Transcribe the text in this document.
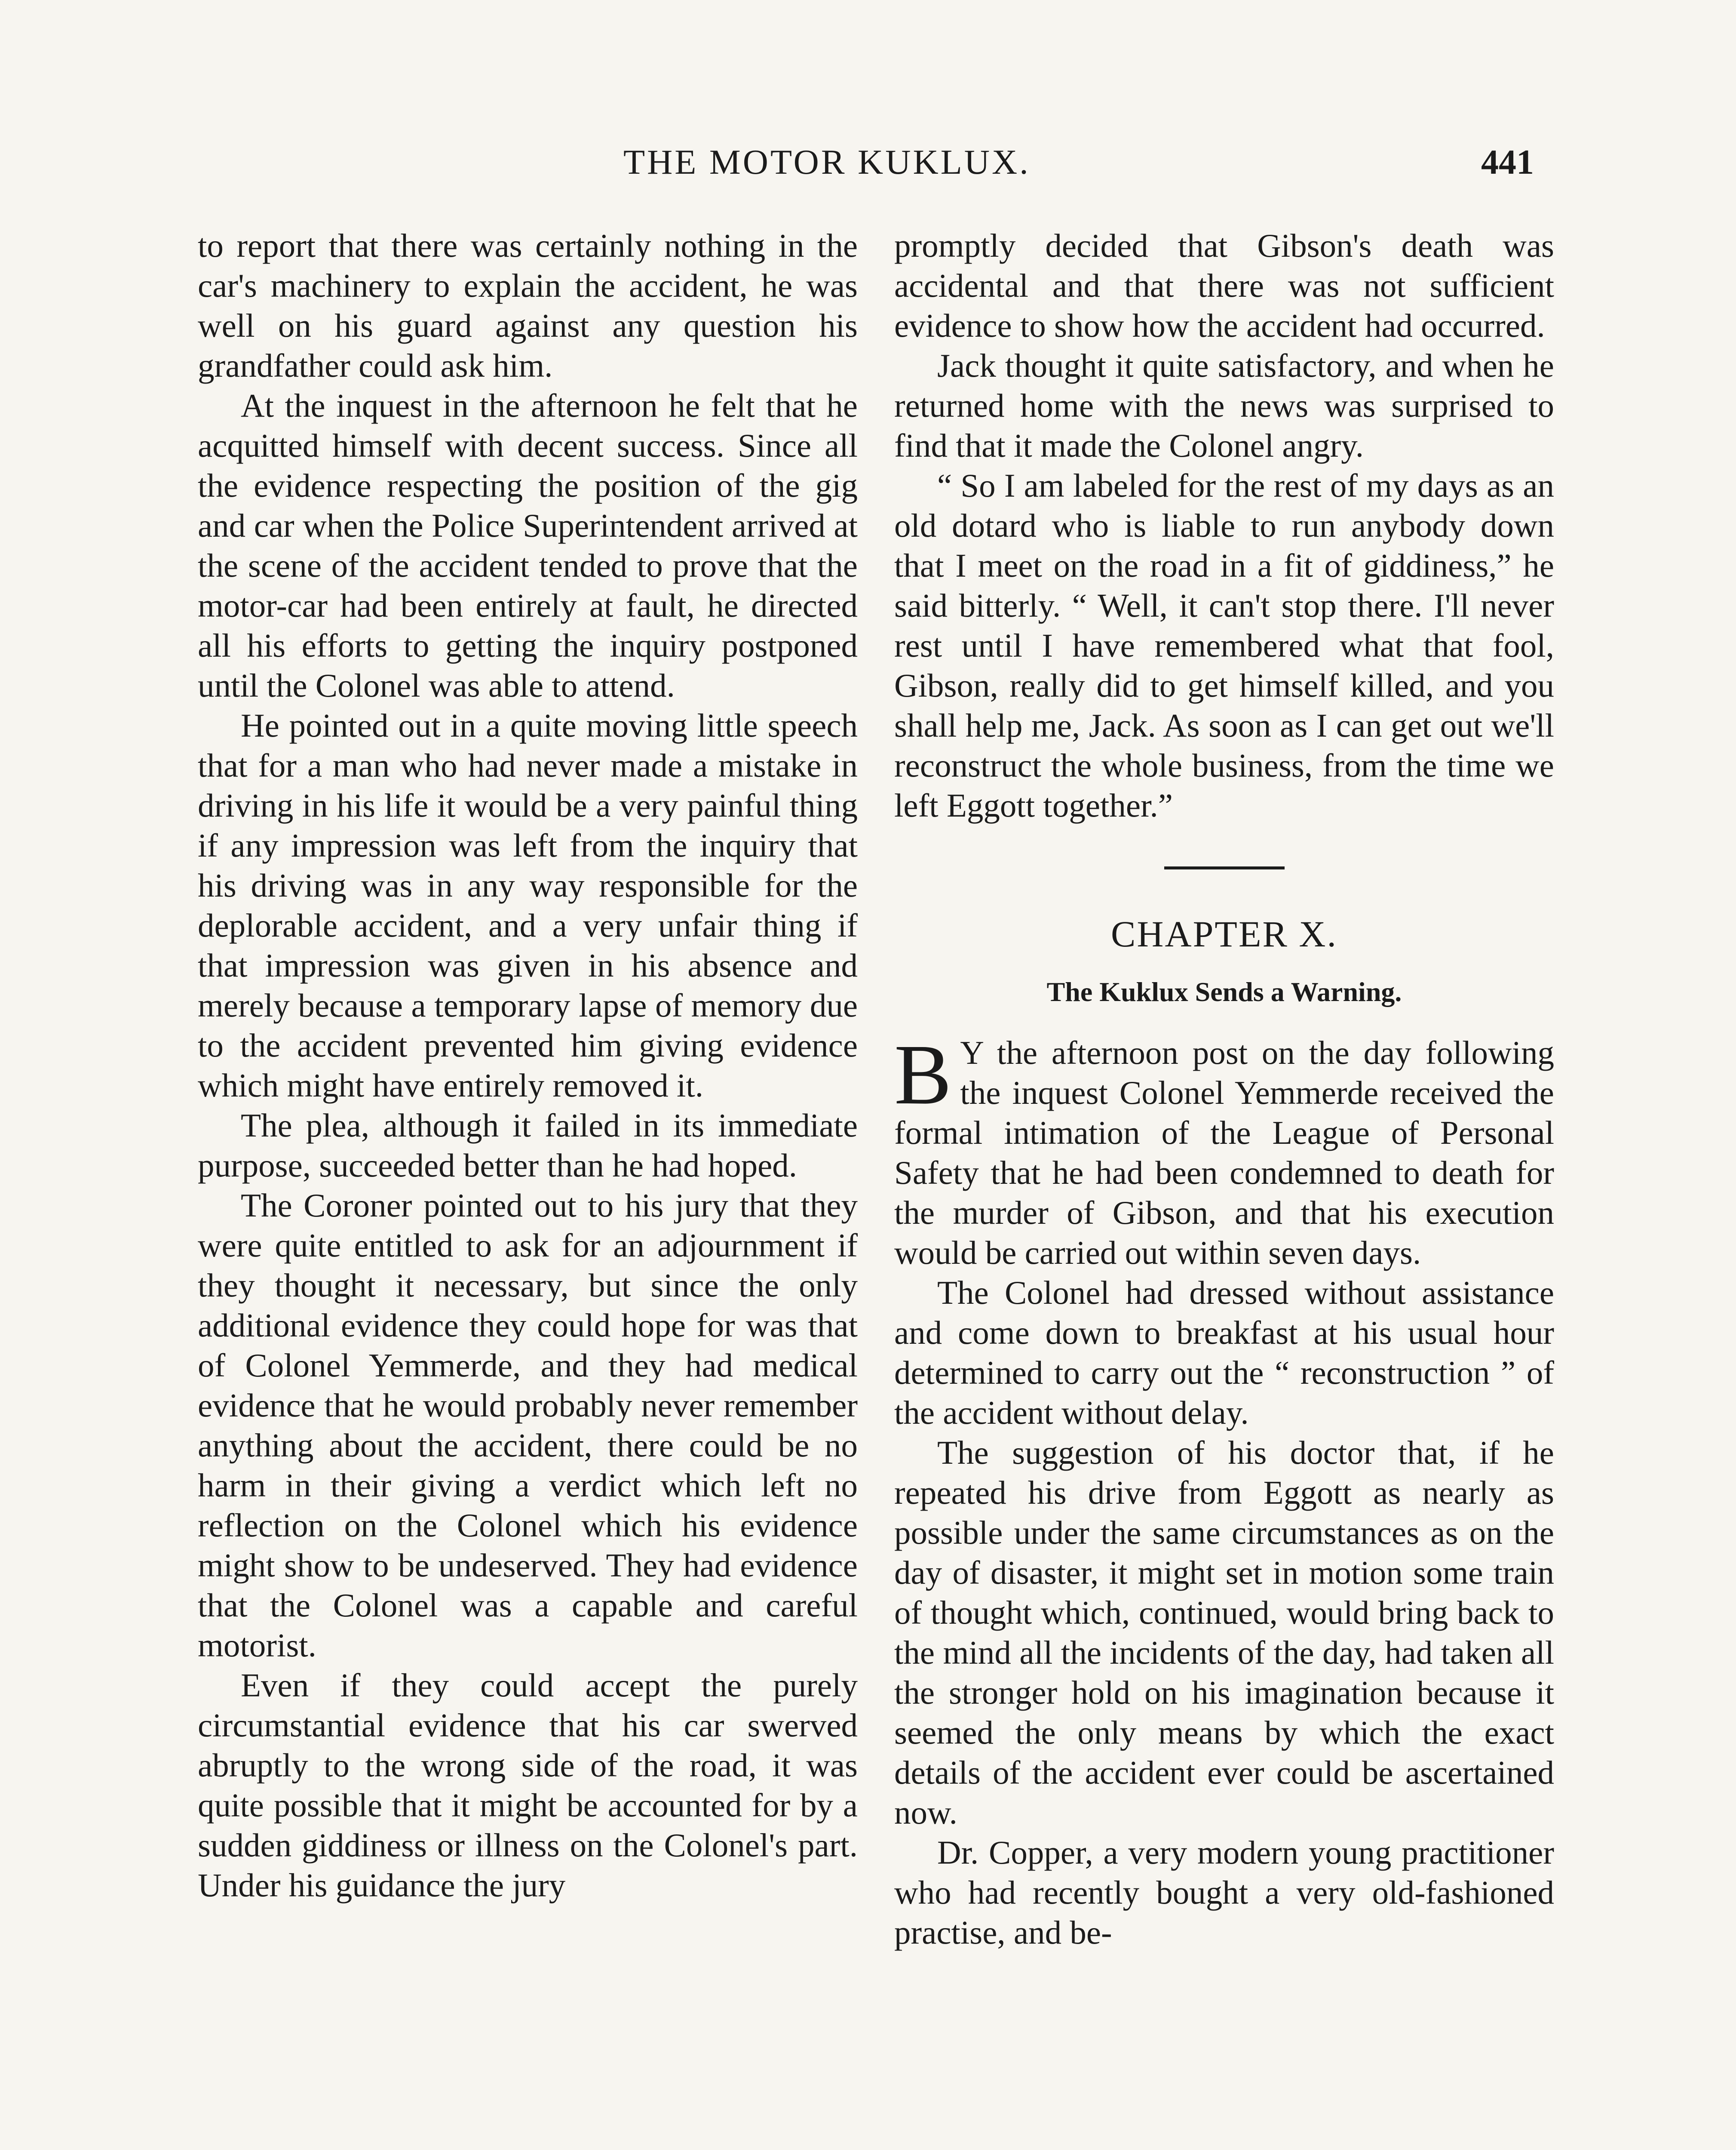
THE MOTOR KUKLUX.	441

to report that there was certainly nothing in the car's machinery to explain the accident, he was well on his guard against any question his grandfather could ask him.

At the inquest in the afternoon he felt that he acquitted himself with decent success. Since all the evidence respecting the position of the gig and car when the Police Superintendent arrived at the scene of the accident tended to prove that the motor-car had been entirely at fault, he directed all his efforts to getting the inquiry postponed until the Colonel was able to attend.

He pointed out in a quite moving little speech that for a man who had never made a mistake in driving in his life it would be a very painful thing if any impression was left from the inquiry that his driving was in any way responsible for the deplorable accident, and a very unfair thing if that impression was given in his absence and merely because a temporary lapse of memory due to the accident prevented him giving evidence which might have entirely removed it.

The plea, although it failed in its immediate purpose, succeeded better than he had hoped.

The Coroner pointed out to his jury that they were quite entitled to ask for an adjournment if they thought it necessary, but since the only additional evidence they could hope for was that of Colonel Yemmerde, and they had medical evidence that he would probably never remember anything about the accident, there could be no harm in their giving a verdict which left no reflection on the Colonel which his evidence might show to be undeserved. They had evidence that the Colonel was a capable and careful motorist.

Even if they could accept the purely circumstantial evidence that his car swerved abruptly to the wrong side of the road, it was quite possible that it might be accounted for by a sudden giddiness or illness on the Colonel's part. Under his guidance the jury

promptly decided that Gibson's death was accidental and that there was not sufficient evidence to show how the accident had occurred.

Jack thought it quite satisfactory, and when he returned home with the news was surprised to find that it made the Colonel angry.

“ So I am labeled for the rest of my days as an old dotard who is liable to run anybody down that I meet on the road in a fit of giddiness,” he said bitterly. “ Well, it can't stop there. I'll never rest until I have remembered what that fool, Gibson, really did to get himself killed, and you shall help me, Jack. As soon as I can get out we'll reconstruct the whole business, from the time we left Eggott together.”

CHAPTER X.
The Kuklux Sends a Warning.

B Y the afternoon post on the day following the inquest Colonel Yemmerde received the formal intimation of the League of Personal Safety that he had been condemned to death for the murder of Gibson, and that his execution would be carried out within seven days.

The Colonel had dressed without assistance and come down to breakfast at his usual hour determined to carry out the “ reconstruction ” of the accident without delay.

The suggestion of his doctor that, if he repeated his drive from Eggott as nearly as possible under the same circumstances as on the day of disaster, it might set in motion some train of thought which, continued, would bring back to the mind all the incidents of the day, had taken all the stronger hold on his imagination because it seemed the only means by which the exact details of the accident ever could be ascertained now.

Dr. Copper, a very modern young practitioner who had recently bought a very old-fashioned practise, and be-
